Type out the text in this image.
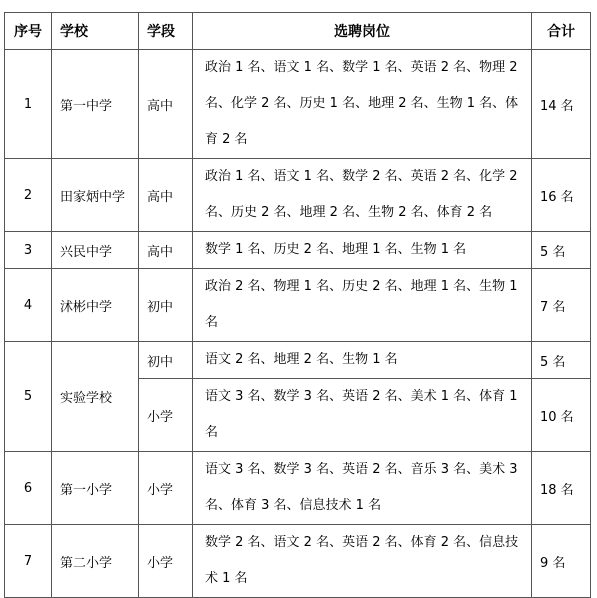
序号	学校	学段	选聘岗位	合计
1	第一中学	高中	政治 1 名、语文 1 名、数学 1 名、英语 2 名、物理 2 名、化学 2 名、历史 1 名、地理 2 名、生物 1 名、体育 2 名	14 名
2	田家炳中学	高中	政治 1 名、语文 1 名、数学 2 名、英语 2 名、化学 2 名、历史 2 名、地理 2 名、生物 2 名、体育 2 名	16 名
3	兴民中学	高中	数学 1 名、历史 2 名、地理 1 名、生物 1 名	5 名
4	沭彬中学	初中	政治 2 名、物理 1 名、历史 2 名、地理 1 名、生物 1 名	7 名
5	实验学校	初中	语文 2 名、地理 2 名、生物 1 名	5 名
		小学	语文 3 名、数学 3 名、英语 2 名、美术 1 名、体育 1 名	10 名
6	第一小学	小学	语文 3 名、数学 3 名、英语 2 名、音乐 3 名、美术 3 名、体育 3 名、信息技术 1 名	18 名
7	第二小学	小学	数学 2 名、语文 2 名、英语 2 名、体育 2 名、信息技术 1 名	9 名
